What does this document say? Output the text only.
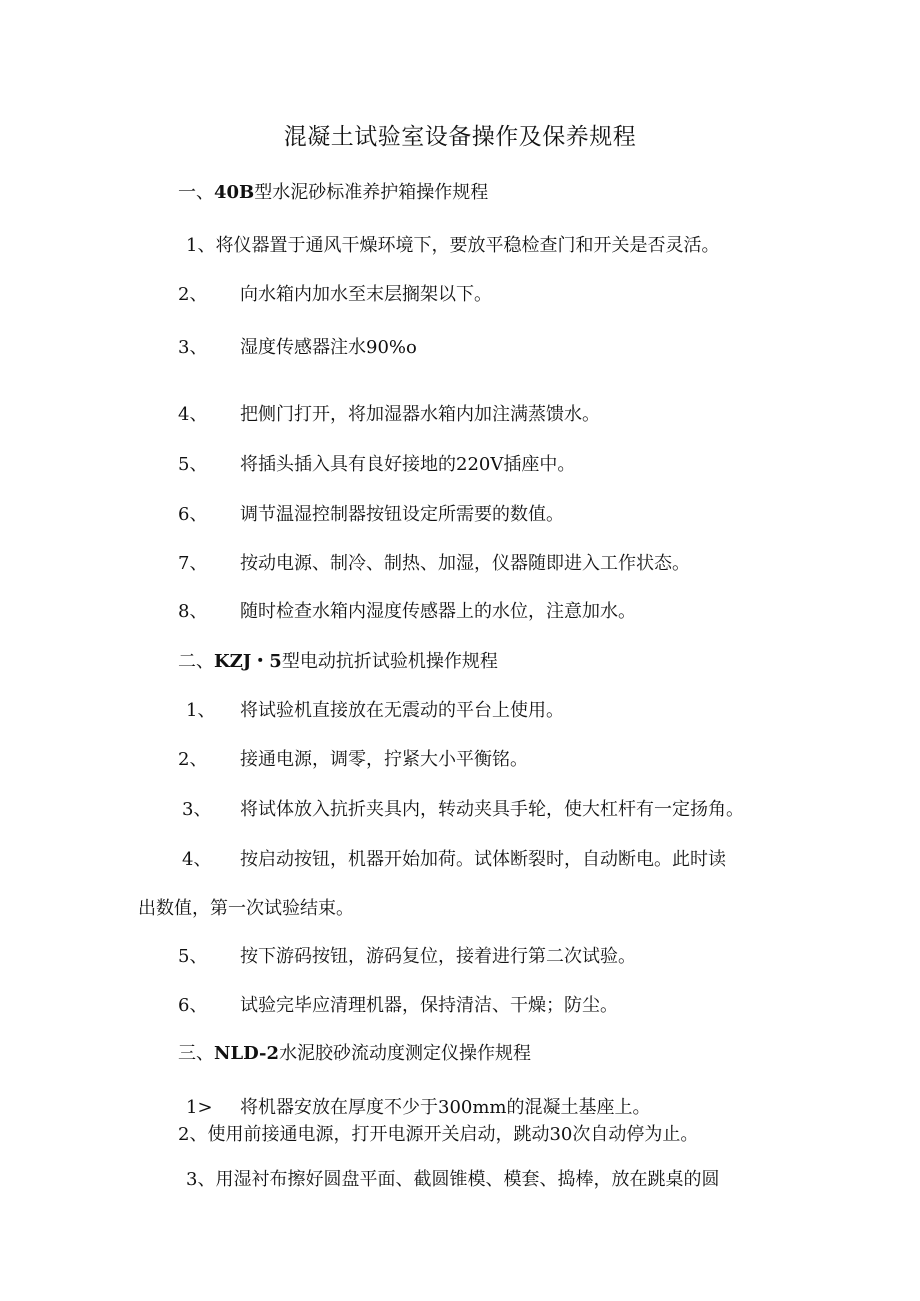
混凝土试验室设备操作及保养规程
一、40B型水泥砂标准养护箱操作规程
1、将仪器置于通风干燥环境下，要放平稳检查门和开关是否灵活。
2、 向水箱内加水至末层搁架以下。
3、 湿度传感器注水90%o
4、 把侧门打开，将加湿器水箱内加注满蒸馈水。
5、 将插头插入具有良好接地的220V插座中。
6、 调节温湿控制器按钮设定所需要的数值。
7、 按动电源、制冷、制热、加湿，仪器随即进入工作状态。
8、 随时检查水箱内湿度传感器上的水位，注意加水。
二、KZJ・5型电动抗折试验机操作规程
1、 将试验机直接放在无震动的平台上使用。
2、 接通电源，调零，拧紧大小平衡铭。
3、 将试体放入抗折夹具内，转动夹具手轮，使大杠杆有一定扬角。
4、 按启动按钮，机器开始加荷。试体断裂时，自动断电。此时读
出数值，第一次试验结束。
5、 按下游码按钮，游码复位，接着进行第二次试验。
6、 试验完毕应清理机器，保持清洁、干燥；防尘。
三、NLD-2水泥胶砂流动度测定仪操作规程
1> 将机器安放在厚度不少于300mm的混凝土基座上。
2、使用前接通电源，打开电源开关启动，跳动30次自动停为止。
3、用湿衬布擦好圆盘平面、截圆锥模、模套、捣棒，放在跳桌的圆
